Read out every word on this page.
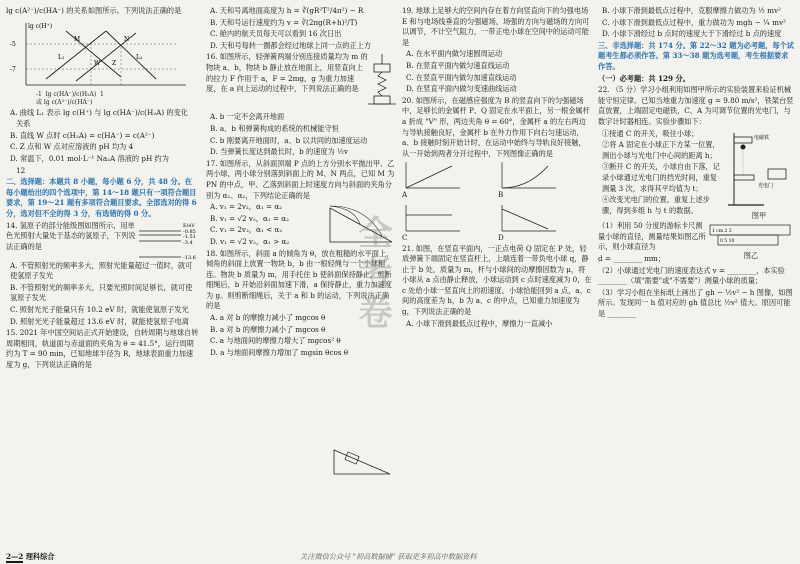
lg c(A²⁻)/c(HA⁻) 的关系如图所示。下列说法正确的是

lg c(H⁺)
-5
-7
L₁	L₂
M	N
W Z

-1 lg c(HA⁻)/c(H₂A) 1
或 lg c(A²⁻)/c(HA⁻)

A. 曲线 L₁ 表示 lg c(H⁺) 与 lg c(HA⁻)/c(H₂A) 的变化

关系

B. 直线 W 点时 c(H₂A) = c(HA⁻) = c(A²⁻)

C. Z 点和 W 点对应溶液的 pH 均为 4

D. 常温下，0.01 mol·L⁻¹ Na₂A 溶液的 pH 约为

12

二、选择题：本题共 8 小题，每小题 6 分，共 48 分。在每小题给出的四个选项中，第 14～18 题只有一项符合题目要求，第 19～21 题有多项符合题目要求。全部选对的得 6 分，选对但不全的得 3 分，有选错的得 0 分。

14. 氢原子的部分能级图如图所示，用单色光照射大量处于基态的氢原子，下列说法正确的是

E/eV
-0.85
-1.51
-3.4
-13.6

A. 不管照射光的频率多大，照射光能量超过一值时，就可使氢原子发光

B. 不管照射光的频率多大，只要光照时间足够长，就可使氢原子发光

C. 照射光光子能量只有 10.2 eV 时，就能使氢原子发光

D. 照射光光子能量超过 13.6 eV 时，就能使氢原子电离

15. 2021 年中国空间站正式开始建设，自转周期与地球自转周期相同，轨道面与赤道面的夹角为 θ = 41.5°，运行周期约为 T = 90 min，已知地球半径为 R，地球表面重力加速度为 g，下列说法正确的是

A. 天和号离地面高度为 h = ∛(gR²T²/4π²) − R

B. 天和号运行速度约为 v = ∛(2πg(R+h)²/T)

C. 舱内的航天员每天可以看到 16 次日出

D. 天和号每转一圈都会经过地球上同一点的正上方

16. 如图所示，轻弹簧两端分别连接质量均为 m 的物块 a、b，物块 b 静止放在地面上，用竖直向上的拉力 F 作用于 a，F = 2mg，g 为重力加速度，在 a 向上运动的过程中，下列说法正确的是

A. b 一定不会离开地面

B. a、b 和弹簧构成的系统的机械能守恒

C. b 刚要离开地面时，a、b 以共同的加速度运动

D. 当弹簧长度达到最长时，b 的速度为 ½v

17. 如图所示，从斜面顶端 P 点的上方分别水平抛出甲、乙两小球，两小球分别落到斜面上的 M、N 两点，已知 M 为 PN 的中点，甲、乙落到斜面上时速度方向与斜面的夹角分别为 α₁、α₂，下列结论正确的是

A. v₁ = 2v₂，α₁ = α₂

B. v₁ = √2 v₂，α₁ = α₂

C. v₁ = 2v₂，α₁ < α₂

D. v₁ = √2 v₂，α₁ > α₂

18. 如图所示，斜面 a 的倾角为 θ，放在粗糙的水平面上，倾角的斜面上放置一物块 b，b 由一根轻绳与一个小球相连。物块 b 质量为 m，用手托住 b 使斜面保持静止，剪断细绳后，b 开始沿斜面加速下滑，a 保持静止，重力加速度为 g。则剪断细绳后，关于 a 和 b 的运动，下列说法正确的是

A. a 对 b 的摩擦力减小了 mgcos θ

B. a 对 b 的摩擦力减小了 mgcos θ

C. a 与地面间的摩擦力增大了 mgcos² θ

D. a 与地面间摩擦力增加了 mgsin θcos θ

19. 地球上足够大的空间内存在着方向竖直向下的匀强电场 E 和与电场线垂直的匀强磁场，场强的方向与磁场的方向可以调节，不计空气阻力，一带正电小球在空间中的运动可能是

A. 在水平面内做匀速圆周运动

B. 在竖直平面内做匀速直线运动

C. 在竖直平面内做匀加速直线运动

D. 在竖直平面内做匀变速曲线运动

20. 如图所示，在磁感应强度为 B 的竖直向下的匀强磁场中，足够长的金属杆 P、Q 固定在水平面上，另一根金属杆 a 折成 "V" 形，两边夹角 θ = 60°，金属杆 a 的左右两边与导轨接触良好，金属杆 b 在外力作用下向右匀速运动，a、b 接触时刻开始计时，在运动中始终与导轨良好接触，从一开始到两者分开过程中，下列图像正确的是

A	B
C	D

21. 如图，在竖直平面内，一正点电荷 Q 固定在 P 处，轻质弹簧下端固定在竖直杆上，上端连着一带负电小球 q，静止于 b 处，质量为 m，杆与小球间的动摩擦因数为 μ，将小球从 a 点由静止释放，小球运动到 c 点时速度减为 0，在 c 处给小球一竖直向上的初速度，小球恰能回到 a 点，a、c 间的高度差为 h，b 为 a、c 的中点，已知重力加速度为 g，下列说法正确的是

A. 小球下滑到最低点过程中，摩擦力一直减小

B. 小球下滑到最低点过程中，克服摩擦力做功为 ½ mv²

C. 小球下滑到最低点过程中，重力做功为 mgh − ¼ mv²

D. 小球下滑经过 b 点时的速度大于下滑经过 b 点的速度

三、非选择题：共 174 分。第 22～32 题为必考题，每个试题考生都必须作答。第 33～38 题为选考题，考生根据要求作答。

（一）必考题：共 129 分。

22. （5 分）学习小组利用如图甲所示的实验装置来验证机械能守恒定律。已知当地重力加速度 g = 9.80 m/s²，铁架台竖直放置，上端固定电磁铁，C、A 为可调节位置的光电门，与数字计时器相连。实验步骤如下：

①接通 C 的开关，吸住小球；

②将 A 固定在小球正下方某一位置，测出小球与光电门中心间的距离 h；

③断开 C 的开关，小球自由下落，记录小球通过光电门的挡光时间，重复测量 3 次，求得其平均值为 t；

④改变光电门的位置，重复上述步骤，得到多组 h 与 t 的数据。

电磁铁
光电门
图甲

（1）利用 50 分度的游标卡尺测量小球的直径，测量结果如图乙所示，则小球直径为

d = ________ mm；

1 cm 2 3
0 5 10
图乙

（2）小球通过光电门的速度表达式 v = ________，本实验 ________（填"需要"或"不需要"）测量小球的质量；

（3）学习小组在坐标纸上画出了 gh − ½v² − h 图像，如图所示。发现同一 h 值对应的 gh 值总比 ½v² 值大。原因可能是 ________

全考卷
2—2 理科综合	关注微信公众号 "初高数据铺" 获取更多初高中数据资料
